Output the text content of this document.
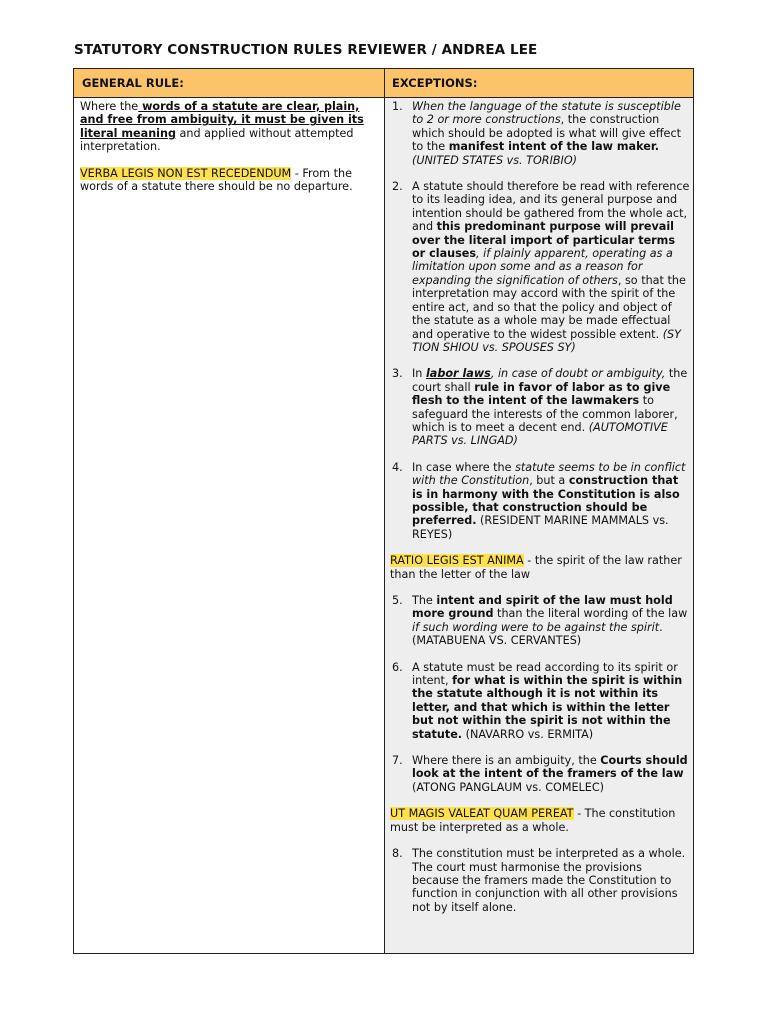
STATUTORY CONSTRUCTION RULES REVIEWER / ANDREA LEE
GENERAL RULE:	EXCEPTIONS:

Where the words of a statute are clear, plain, and free from ambiguity, it must be given its literal meaning and applied without attempted interpretation.

VERBA LEGIS NON EST RECEDENDUM - From the words of a statute there should be no departure.

1. When the language of the statute is susceptible to 2 or more constructions, the construction which should be adopted is what will give effect to the manifest intent of the law maker. (UNITED STATES vs. TORIBIO)
2. A statute should therefore be read with reference to its leading idea, and its general purpose and intention should be gathered from the whole act, and this predominant purpose will prevail over the literal import of particular terms or clauses, if plainly apparent, operating as a limitation upon some and as a reason for expanding the signification of others, so that the interpretation may accord with the spirit of the entire act, and so that the policy and object of the statute as a whole may be made effectual and operative to the widest possible extent. (SY TION SHIOU vs. SPOUSES SY)
3. In labor laws, in case of doubt or ambiguity, the court shall rule in favor of labor as to give flesh to the intent of the lawmakers to safeguard the interests of the common laborer, which is to meet a decent end. (AUTOMOTIVE PARTS vs. LINGAD)
4. In case where the statute seems to be in conflict with the Constitution, but a construction that is in harmony with the Constitution is also possible, that construction should be preferred. (RESIDENT MARINE MAMMALS vs. REYES)

RATIO LEGIS EST ANIMA - the spirit of the law rather than the letter of the law

5. The intent and spirit of the law must hold more ground than the literal wording of the law if such wording were to be against the spirit. (MATABUENA VS. CERVANTES)
6. A statute must be read according to its spirit or intent, for what is within the spirit is within the statute although it is not within its letter, and that which is within the letter but not within the spirit is not within the statute. (NAVARRO vs. ERMITA)
7. Where there is an ambiguity, the Courts should look at the intent of the framers of the law (ATONG PANGLAUM vs. COMELEC)

UT MAGIS VALEAT QUAM PEREAT - The constitution must be interpreted as a whole.

8. The constitution must be interpreted as a whole. The court must harmonise the provisions because the framers made the Constitution to function in conjunction with all other provisions not by itself alone.
